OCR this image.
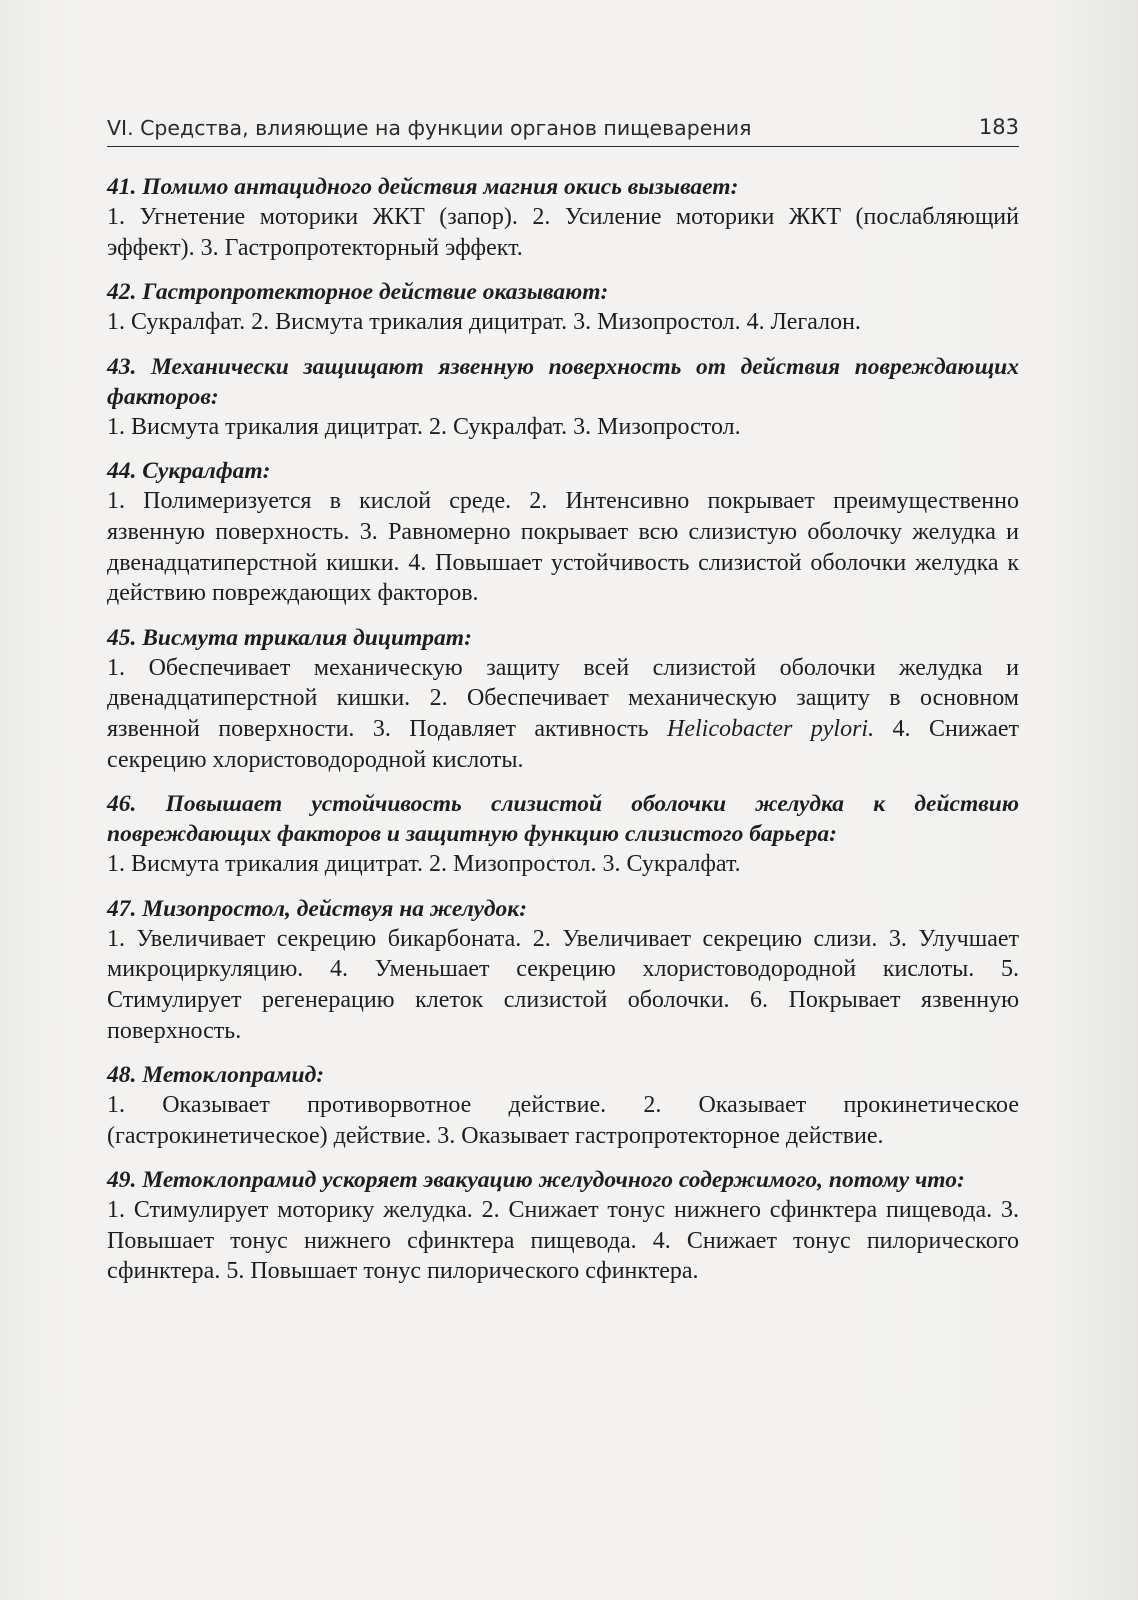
VI. Средства, влияющие на функции органов пищеварения	183
41. Помимо антацидного действия магния окись вызывает:
1. Угнетение моторики ЖКТ (запор). 2. Усиление моторики ЖКТ (послабляющий эффект). 3. Гастропротекторный эффект.
42. Гастропротекторное действие оказывают:
1. Сукралфат. 2. Висмута трикалия дицитрат. 3. Мизопростол. 4. Легалон.
43. Механически защищают язвенную поверхность от действия повреждающих факторов:
1. Висмута трикалия дицитрат. 2. Сукралфат. 3. Мизопростол.
44. Сукралфат:
1. Полимеризуется в кислой среде. 2. Интенсивно покрывает преимущественно язвенную поверхность. 3. Равномерно покрывает всю слизистую оболочку желудка и двенадцатиперстной кишки. 4. Повышает устойчивость слизистой оболочки желудка к действию повреждающих факторов.
45. Висмута трикалия дицитрат:
1. Обеспечивает механическую защиту всей слизистой оболочки желудка и двенадцатиперстной кишки. 2. Обеспечивает механическую защиту в основном язвенной поверхности. 3. Подавляет активность Helicobacter pylori. 4. Снижает секрецию хлористоводородной кислоты.
46. Повышает устойчивость слизистой оболочки желудка к действию повреждающих факторов и защитную функцию слизистого барьера:
1. Висмута трикалия дицитрат. 2. Мизопростол. 3. Сукралфат.
47. Мизопростол, действуя на желудок:
1. Увеличивает секрецию бикарбоната. 2. Увеличивает секрецию слизи. 3. Улучшает микроциркуляцию. 4. Уменьшает секрецию хлористоводородной кислоты. 5. Стимулирует регенерацию клеток слизистой оболочки. 6. Покрывает язвенную поверхность.
48. Метоклопрамид:
1. Оказывает противорвотное действие. 2. Оказывает прокинетическое (гастрокинетическое) действие. 3. Оказывает гастропротекторное действие.
49. Метоклопрамид ускоряет эвакуацию желудочного содержимого, потому что:
1. Стимулирует моторику желудка. 2. Снижает тонус нижнего сфинктера пищевода. 3. Повышает тонус нижнего сфинктера пищевода. 4. Снижает тонус пилорического сфинктера. 5. Повышает тонус пилорического сфинктера.
